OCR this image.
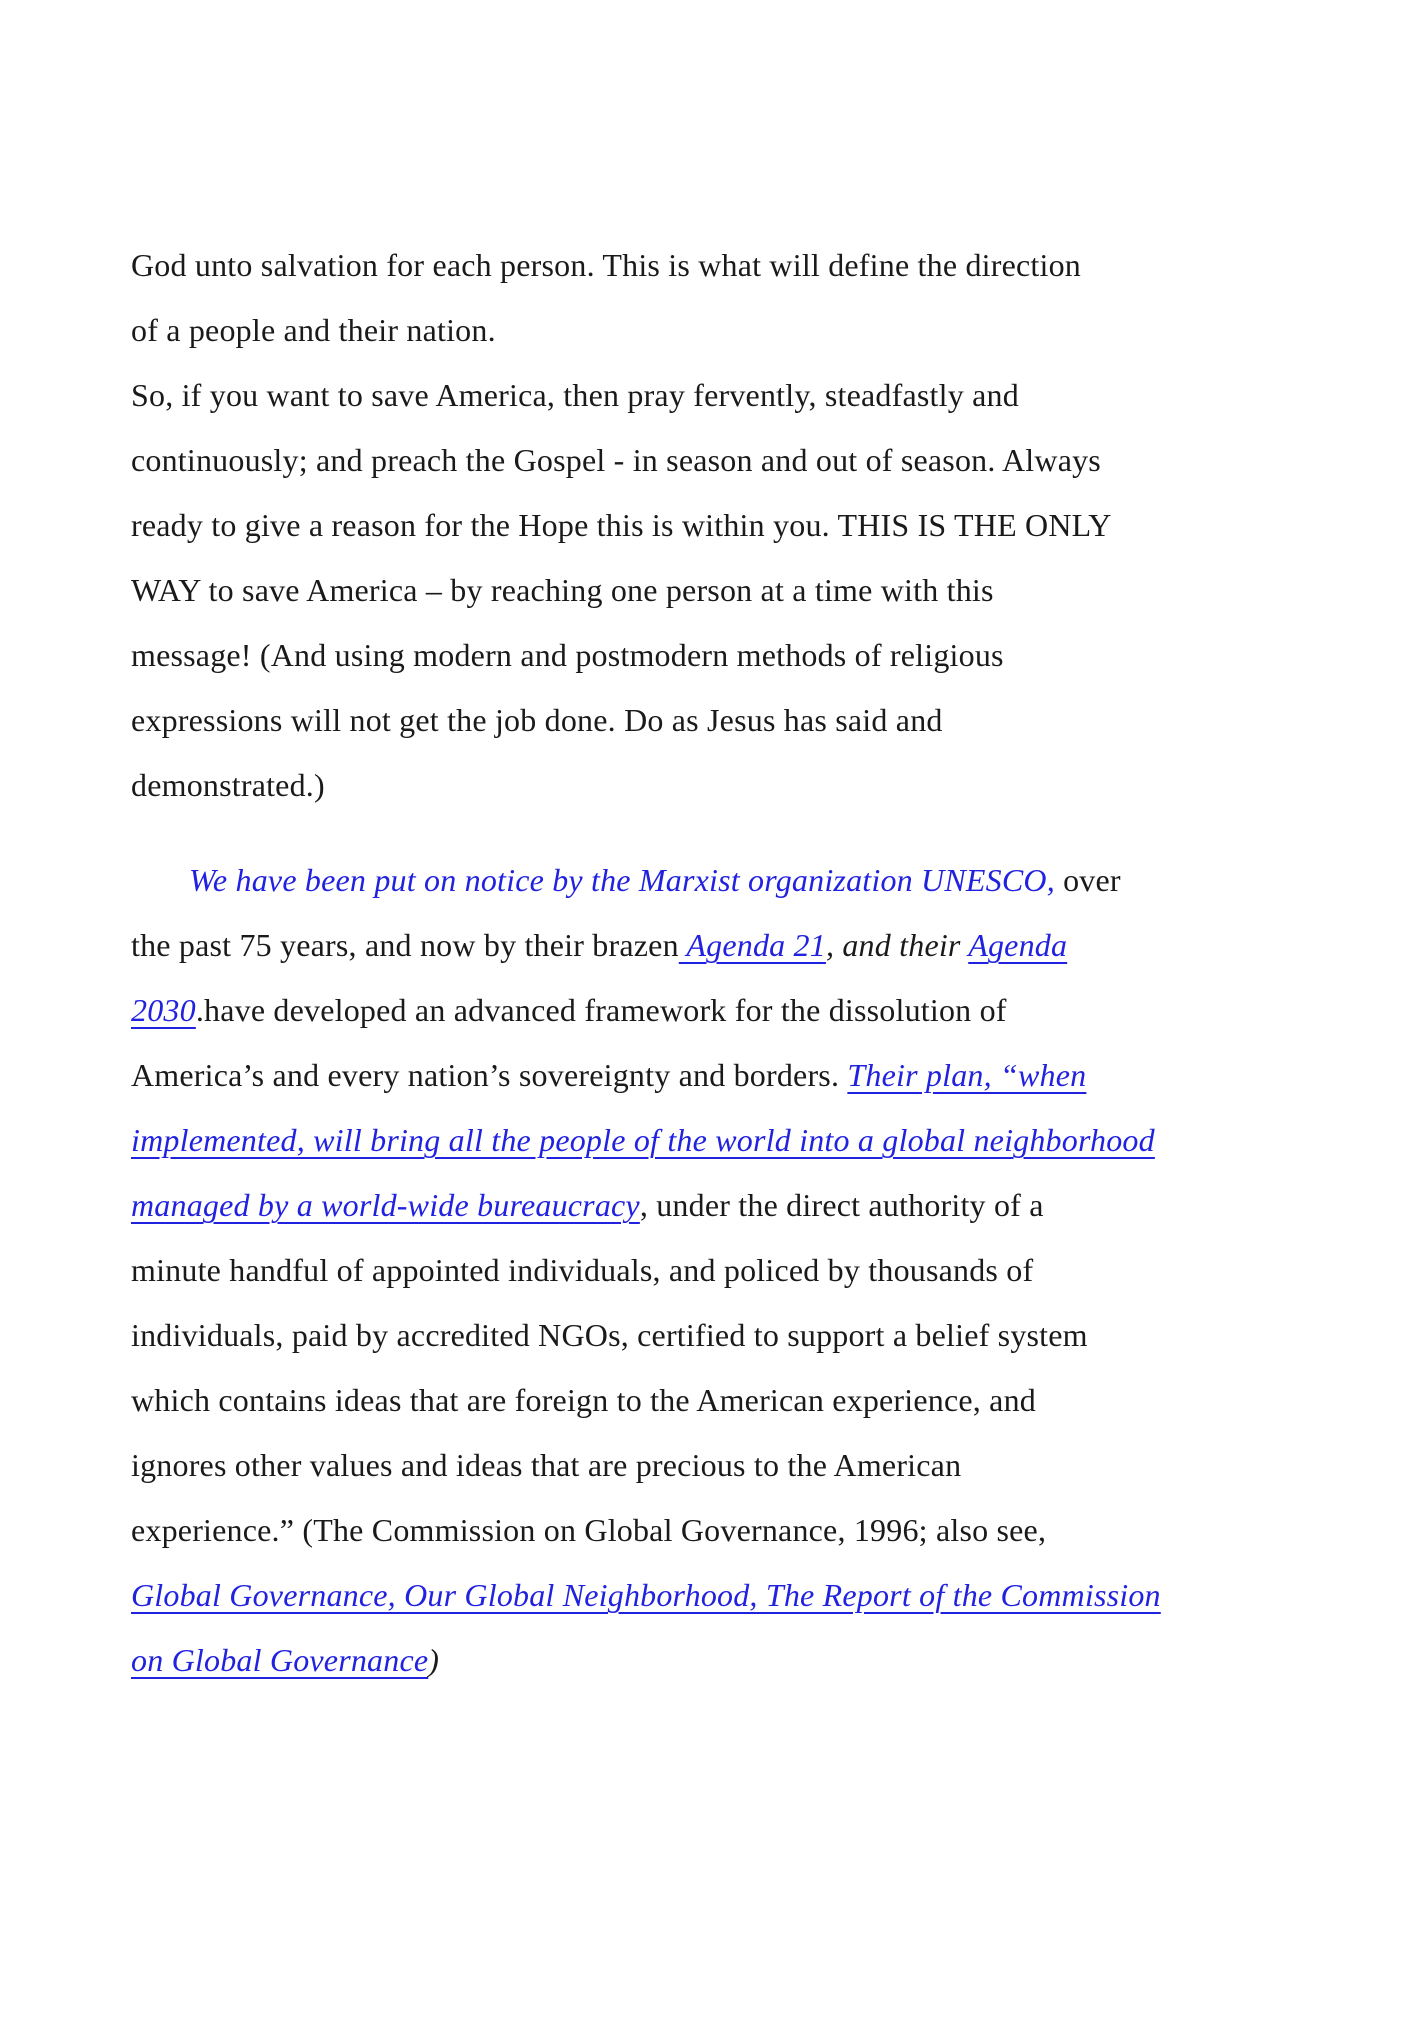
God unto salvation for each person. This is what will define the direction
of a people and their nation.
So, if you want to save America, then pray fervently, steadfastly and
continuously; and preach the Gospel - in season and out of season. Always
ready to give a reason for the Hope this is within you. THIS IS THE ONLY
WAY to save America – by reaching one person at a time with this
message! (And using modern and postmodern methods of religious
expressions will not get the job done. Do as Jesus has said and
demonstrated.)
We have been put on notice by the Marxist organization UNESCO, over
the past 75 years, and now by their brazen Agenda 21, and their Agenda
2030.have developed an advanced framework for the dissolution of
America’s and every nation’s sovereignty and borders. Their plan, “when
implemented, will bring all the people of the world into a global neighborhood
managed by a world-wide bureaucracy, under the direct authority of a
minute handful of appointed individuals, and policed by thousands of
individuals, paid by accredited NGOs, certified to support a belief system
which contains ideas that are foreign to the American experience, and
ignores other values and ideas that are precious to the American
experience.” (The Commission on Global Governance, 1996; also see,
Global Governance, Our Global Neighborhood, The Report of the Commission
on Global Governance)
